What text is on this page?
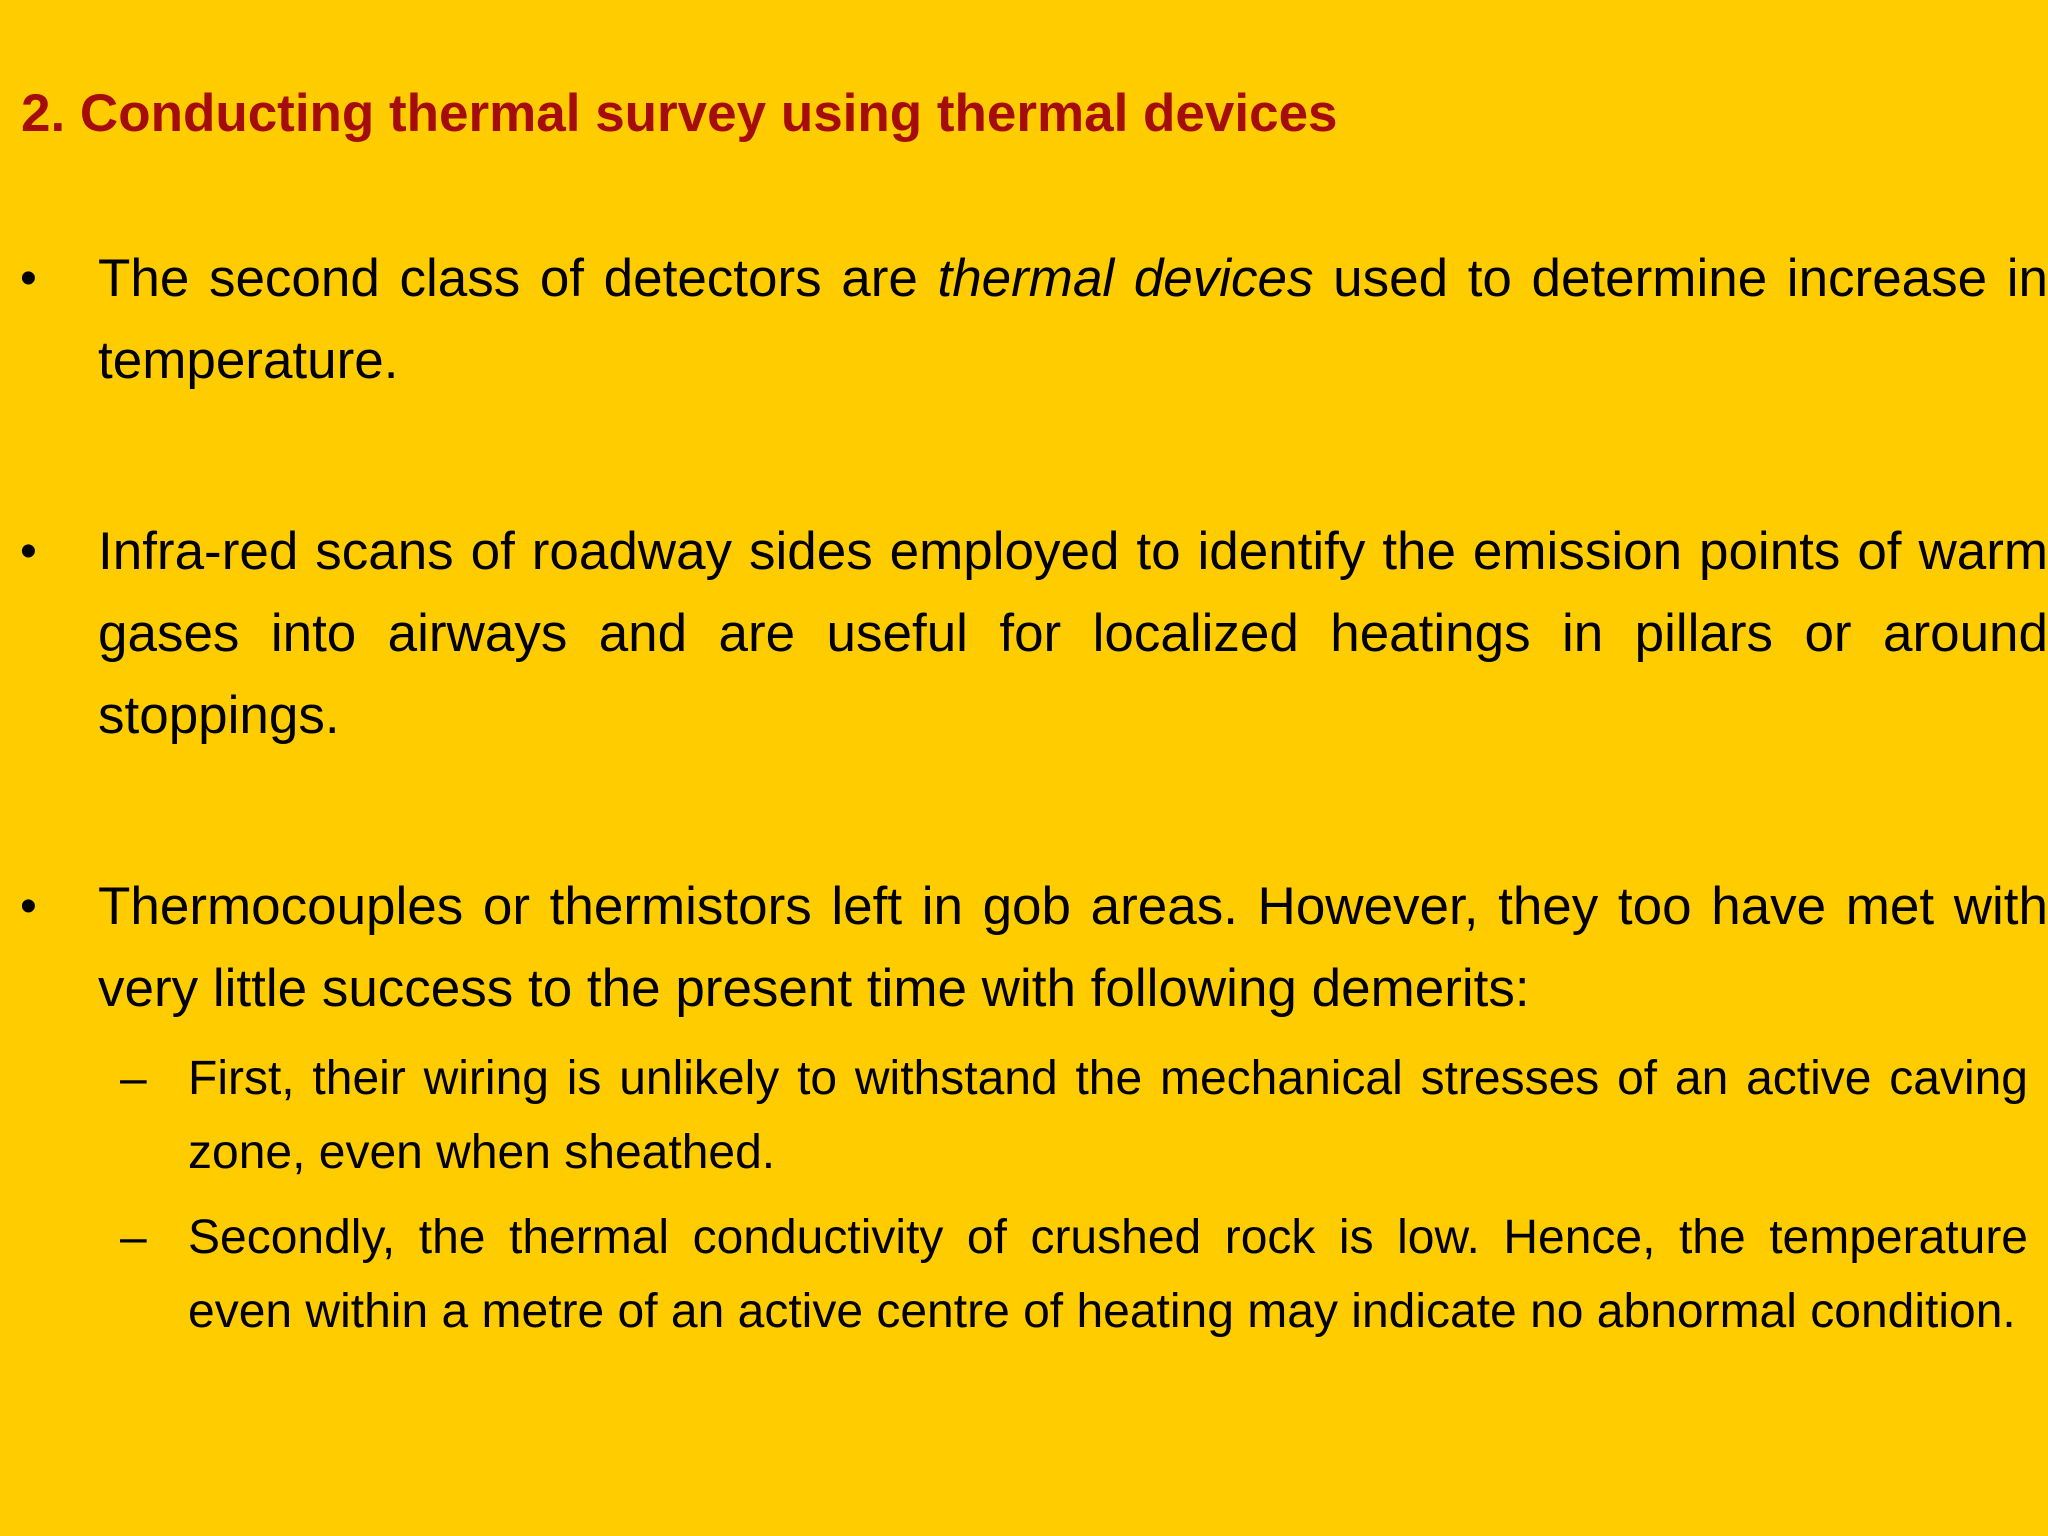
2. Conducting thermal survey using thermal devices
•	The second class of detectors are thermal devices used to determine increase in temperature.
•	Infra-red scans of roadway sides employed to identify the emission points of warm gases into airways and are useful for localized heatings in pillars or around stoppings.
•	Thermocouples or thermistors left in gob areas. However, they too have met with very little success to the present time with following demerits:
– First, their wiring is unlikely to withstand the mechanical stresses of an active caving zone, even when sheathed.
– Secondly, the thermal conductivity of crushed rock is low. Hence, the temperature even within a metre of an active centre of heating may indicate no abnormal condition.
